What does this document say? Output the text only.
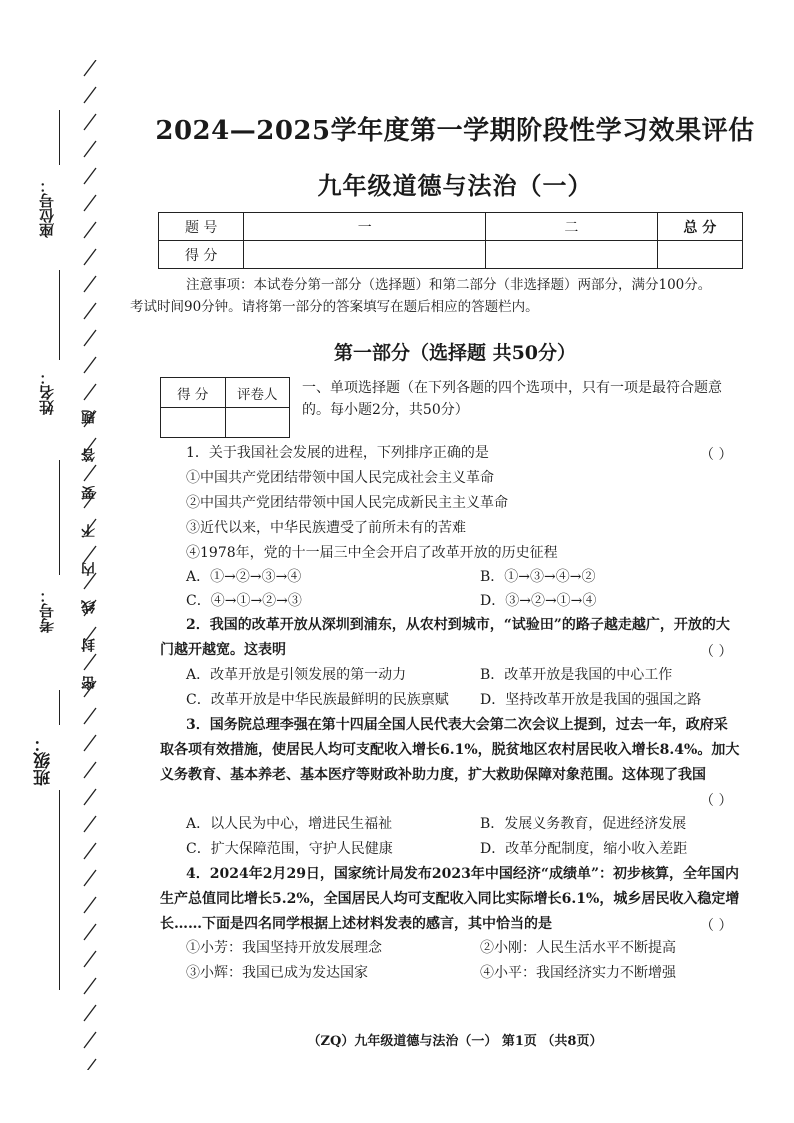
座位号：
姓名：
考号：
班级：
题
答
要
不
内
线
封
密
2024—2025学年度第一学期阶段性学习效果评估
九年级道德与法治（一）
题 号	一	二	总 分
得 分			
注意事项：本试卷分第一部分（选择题）和第二部分（非选择题）两部分，满分100分。
考试时间90分钟。请将第一部分的答案填写在题后相应的答题栏内。
第一部分（选择题 共50分）
得 分	评卷人
	一、单项选择题（在下列各题的四个选项中，只有一项是最符合题意
的。每小题2分，共50分）
1．关于我国社会发展的进程，下列排序正确的是	（ ）
①中国共产党团结带领中国人民完成社会主义革命
②中国共产党团结带领中国人民完成新民主主义革命
③近代以来，中华民族遭受了前所未有的苦难
④1978年，党的十一届三中全会开启了改革开放的历史征程
A．①→②→③→④	B．①→③→④→②
C．④→①→②→③	D．③→②→①→④
2．我国的改革开放从深圳到浦东，从农村到城市，“试验田”的路子越走越广，开放的大
门越开越宽。这表明	（ ）
A．改革开放是引领发展的第一动力	B．改革开放是我国的中心工作
C．改革开放是中华民族最鲜明的民族禀赋 D．坚持改革开放是我国的强国之路
3．国务院总理李强在第十四届全国人民代表大会第二次会议上提到，过去一年，政府采
取各项有效措施，使居民人均可支配收入增长6.1%，脱贫地区农村居民收入增长8.4%。加大
义务教育、基本养老、基本医疗等财政补助力度，扩大救助保障对象范围。这体现了我国
（ ）
A．以人民为中心，增进民生福祉	B．发展义务教育，促进经济发展
C．扩大保障范围，守护人民健康	D．改革分配制度，缩小收入差距
4．2024年2月29日，国家统计局发布2023年中国经济“成绩单”：初步核算，全年国内
生产总值同比增长5.2%，全国居民人均可支配收入同比实际增长6.1%，城乡居民收入稳定增
长……下面是四名同学根据上述材料发表的感言，其中恰当的是	（ ）
①小芳：我国坚持开放发展理念	②小刚：人民生活水平不断提高
③小辉：我国已成为发达国家	④小平：我国经济实力不断增强
（ZQ）九年级道德与法治（一） 第1页 （共8页）
